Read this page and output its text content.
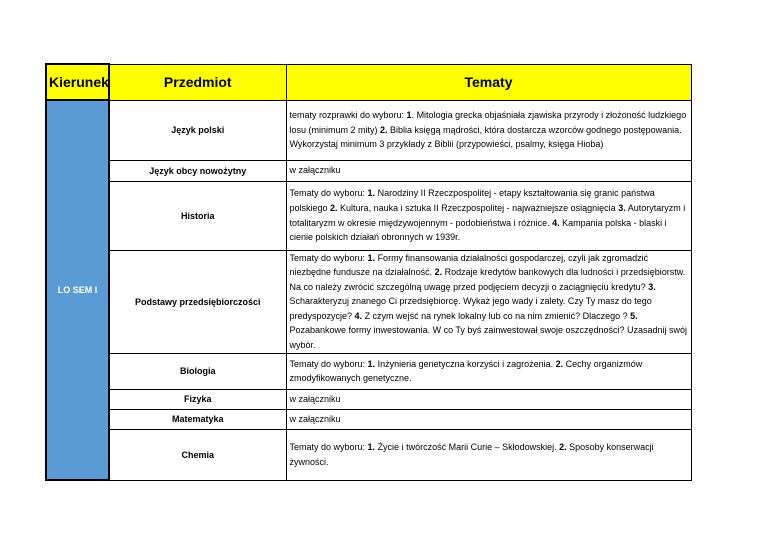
Kierunek	Przedmiot	Tematy
LO SEM I	Język polski	tematy rozprawki do wyboru: 1. Mitologia grecka objaśniała zjawiska przyrody i złożoność ludzkiego losu (minimum 2 mity) 2. Biblia księgą mądrości, która dostarcza wzorców godnego postępowania. Wykorzystaj minimum 3 przykłady z Biblii (przypowieści, psalmy, księga Hioba)
	Język obcy nowożytny	w załączniku
	Historia	Tematy do wyboru: 1. Narodziny II Rzeczpospolitej - etapy kształtowania się granic państwa polskiego 2. Kultura, nauka i sztuka II Rzeczpospolitej - najważniejsze osiągnięcia 3. Autorytaryzm i totalitaryzm w okresie międzywojennym - podobieństwa i różnice. 4. Kampania polska - blaski i cienie polskich działań obronnych w 1939r.
	Podstawy przedsiębiorczości	Tematy do wyboru: 1. Formy finansowania działalności gospodarczej, czyli jak zgromadzić niezbędne fundusze na działalność. 2. Rodzaje kredytów bankowych dla ludności i przedsiębiorstw. Na co należy zwrócić szczególną uwagę przed podjęciem decyzji o zaciągnięciu kredytu? 3. Scharakteryzuj znanego Ci przedsiębiorcę. Wykaż jego wady i zalety. Czy Ty masz do tego predyspozycje? 4. Z czym wejść na rynek lokalny lub co na nim zmienić? Dlaczego ? 5. Pozabankowe formy inwestowania. W co Ty byś zainwestował swoje oszczędności? Uzasadnij swój wybór.
	Biologia	Tematy do wyboru: 1. Inżynieria genetyczna korzyści i zagrożenia. 2. Cechy organizmów zmodyfikowanych genetyczne.
	Fizyka	w załączniku
	Matematyka	w załączniku
	Chemia	Tematy do wyboru: 1. Życie i twórczość Marii Curie – Skłodowskiej. 2. Sposoby konserwacji żywności.
